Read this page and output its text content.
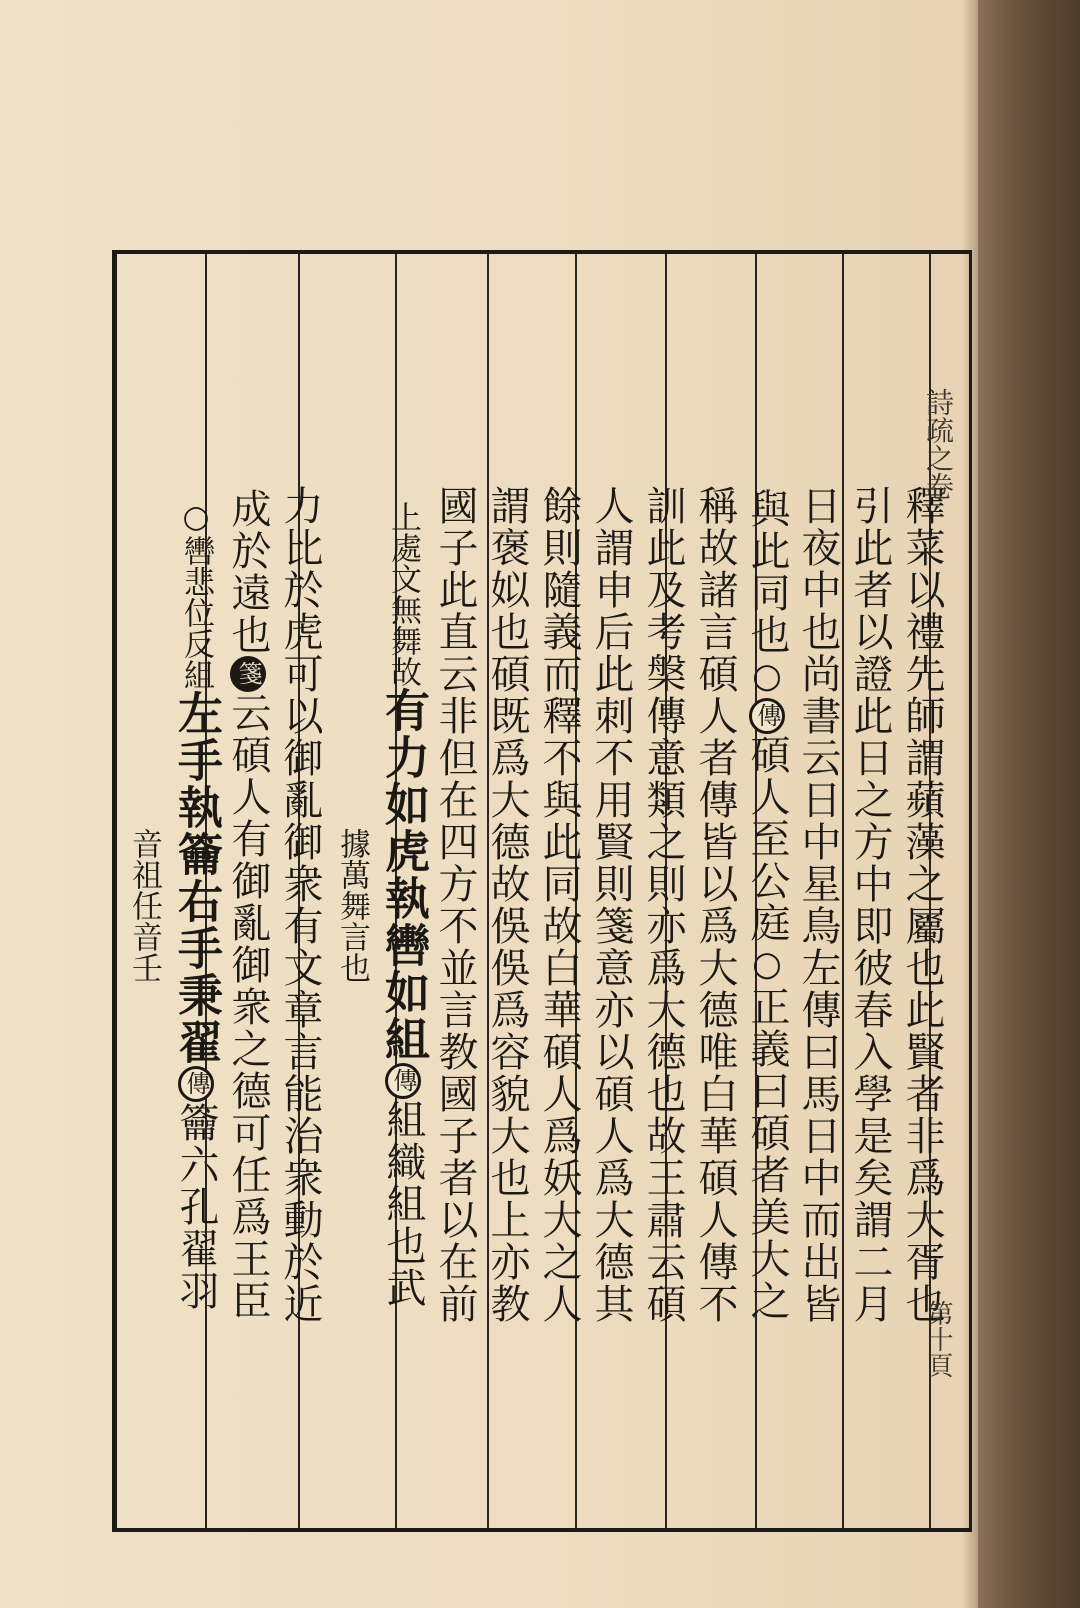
釋菜以禮先師謂蘋藻之屬也此賢者非爲大胥也
引此者以證此日之方中即彼春入學是矣謂二月
日夜中也尚書云日中星鳥左傳曰馬日中而出皆
與此同也○傳碩人至公庭○正義曰碩者美大之
稱故諸言碩人者傳皆以爲大德唯白華碩人傳不
訓此及考槃傳意類之則亦爲大德也故王肅云碩
人謂申后此刺不用賢則箋意亦以碩人爲大德其
餘則隨義而釋不與此同故白華碩人爲妖大之人
謂褒姒也碩既爲大德故俁俁爲容貌大也上亦教
國子此直云非但在四方不並言教國子者以在前
上處文無舞故有力如虎執轡如組傳組織組也武
據萬舞言也
力比於虎可以御亂御衆有文章言能治衆動於近
成於遠也箋云碩人有御亂御衆之德可任爲王臣
○轡悲位反組左手執籥右手秉翟傳籥六孔翟羽
音祖任音壬
詩疏之卷
第十頁
